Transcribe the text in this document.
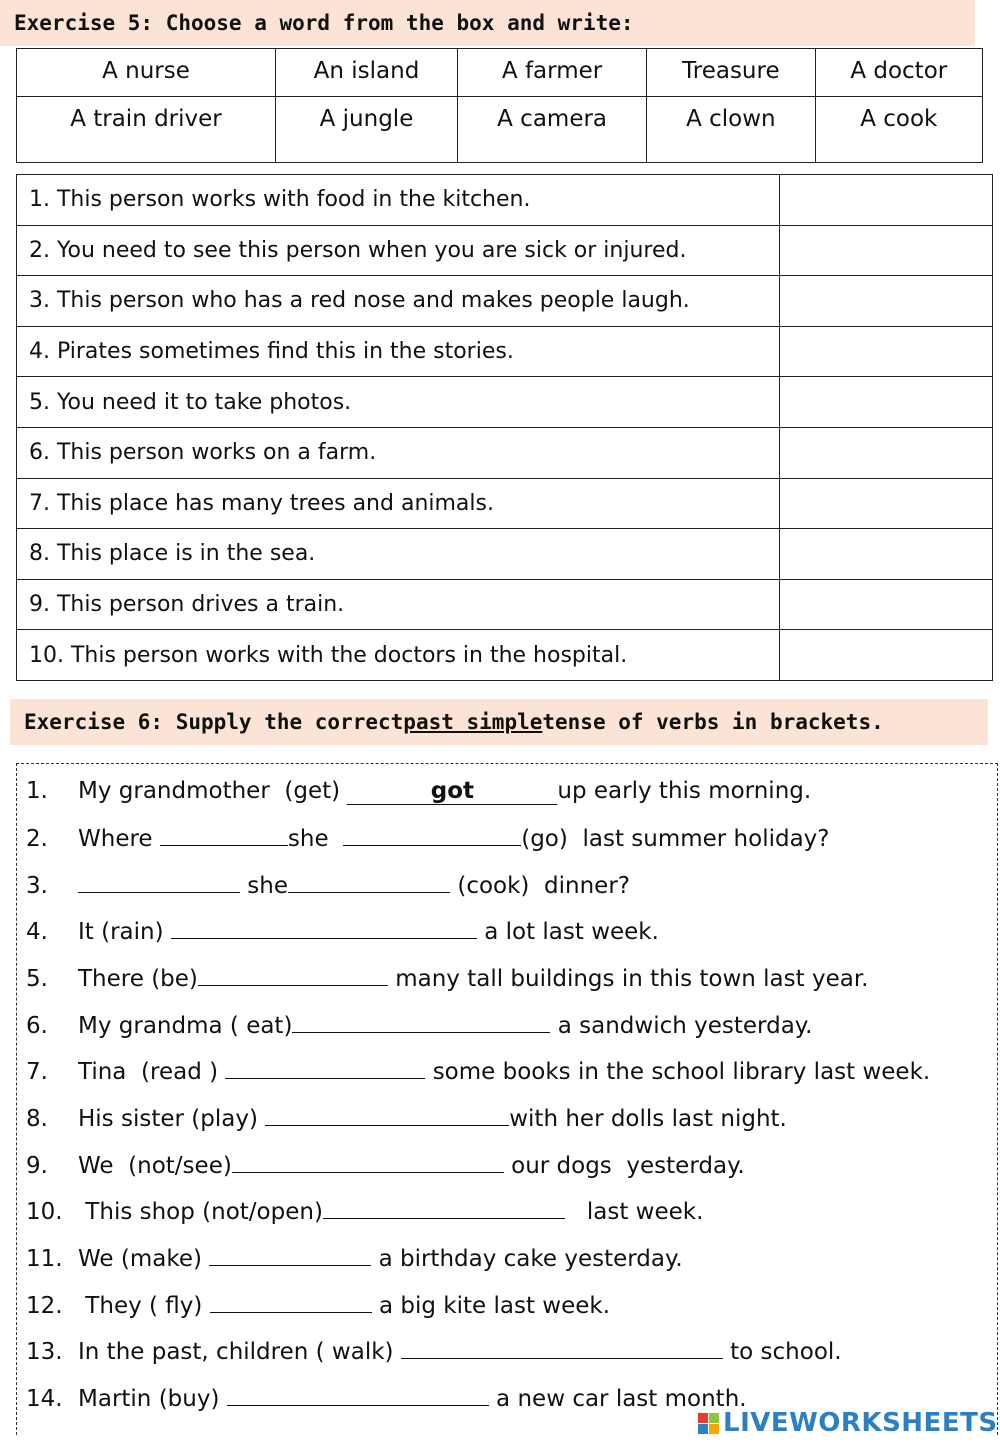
Exercise 5: Choose a word from the box and write:
A nurse	An island	A farmer	Treasure	A doctor
A train driver	A jungle	A camera	A clown	A cook
1. This person works with food in the kitchen.	
2. You need to see this person when you are sick or injured.	
3. This person who has a red nose and makes people laugh.	
4. Pirates sometimes find this in the stories.	
5. You need it to take photos.	
6. This person works on a farm.	
7. This place has many trees and animals.	
8. This place is in the sea.	
9. This person drives a train.	
10. This person works with the doctors in the hospital.	
Exercise 6: Supply the correct past simple tense of verbs in brackets.
1.	My grandmother  (get)	got	up early this morning.
2.	Where	she	(go)  last summer holiday?
3.	she	(cook)  dinner?
4.	It (rain)	a lot last week.
5.	There (be)	many tall buildings in this town last year.
6.	My grandma ( eat)	a sandwich yesterday.
7.	Tina  (read )	some books in the school library last week.
8.	His sister (play)	with her dolls last night.
9.	We  (not/see)	our dogs  yesterday.
10. This shop (not/open)	last week.
11. We (make)	a birthday cake yesterday.
12. They ( fly)	a big kite last week.
13. In the past, children ( walk)	to school.
14. Martin (buy)	a new car last month.
LIVEWORKSHEETS
